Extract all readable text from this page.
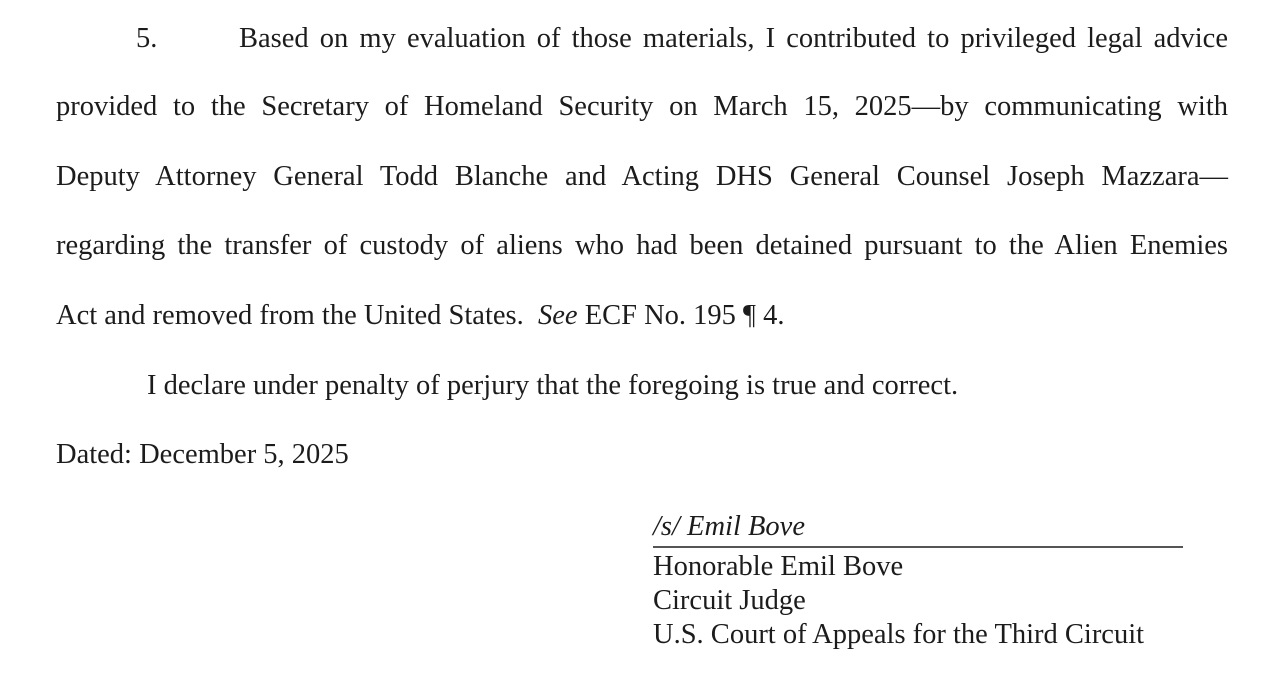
5.	Based on my evaluation of those materials, I contributed to privileged legal advice
provided to the Secretary of Homeland Security on March 15, 2025—by communicating with
Deputy Attorney General Todd Blanche and Acting DHS General Counsel Joseph Mazzara—
regarding the transfer of custody of aliens who had been detained pursuant to the Alien Enemies
Act and removed from the United States. See ECF No. 195 ¶ 4.
I declare under penalty of perjury that the foregoing is true and correct.
Dated: December 5, 2025
/s/ Emil Bove
Honorable Emil Bove
Circuit Judge
U.S. Court of Appeals for the Third Circuit
